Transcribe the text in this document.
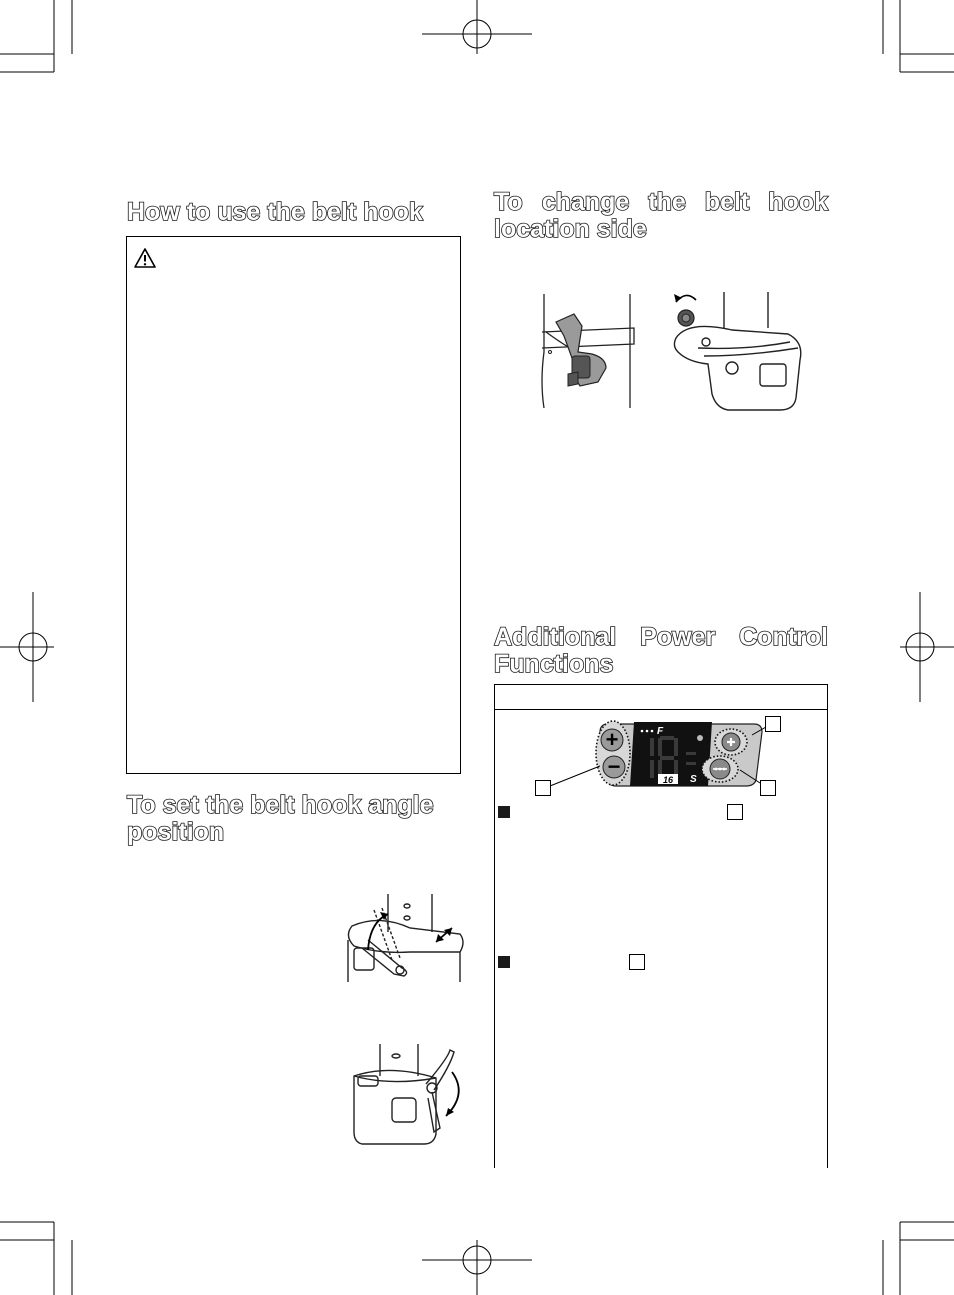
How to use the belt hook
To set the belt hook angle
position
To change the belt hook
location side
Additional Power Control
Functions
F
16 S
+
−
